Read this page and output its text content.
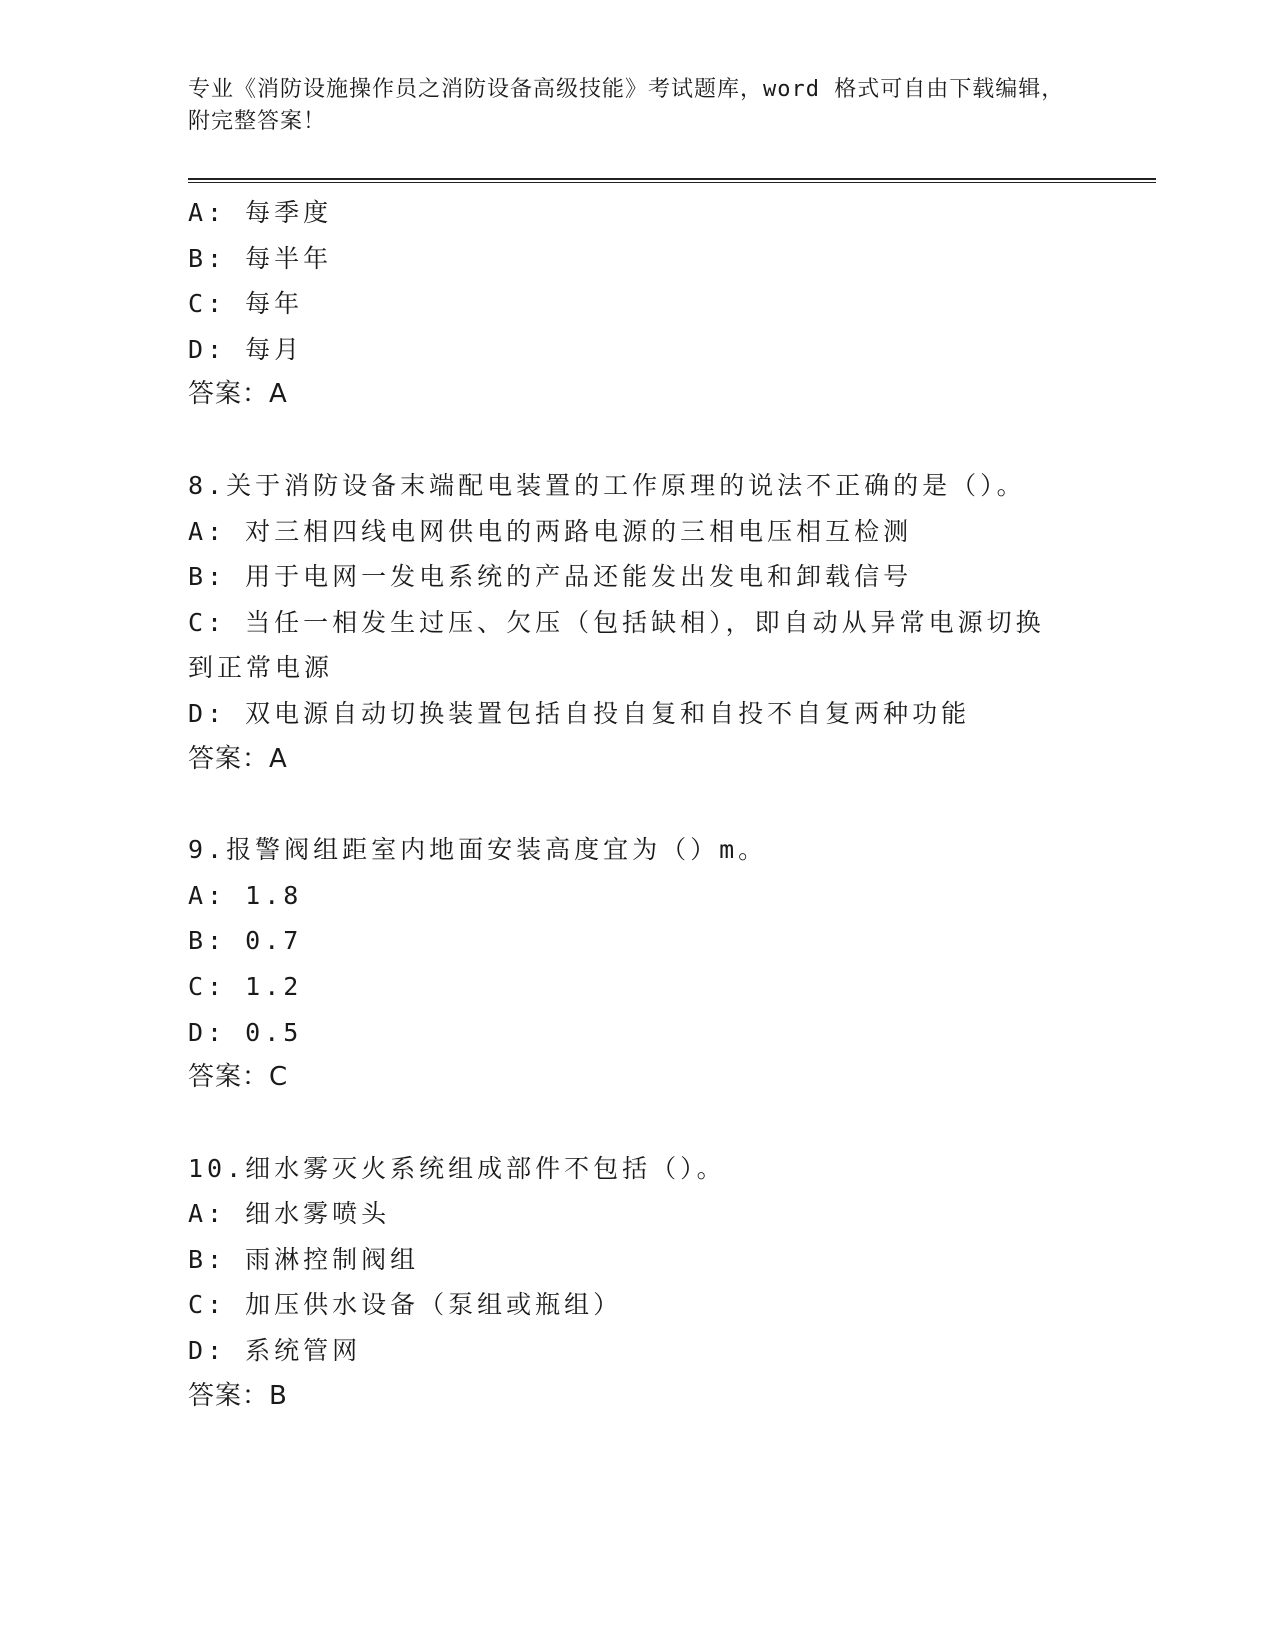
专业《消防设施操作员之消防设备高级技能》考试题库，word 格式可自由下载编辑，附完整答案！
A: 每季度
B: 每半年
C: 每年
D: 每月
答案：A
8.关于消防设备末端配电装置的工作原理的说法不正确的是（）。
A: 对三相四线电网供电的两路电源的三相电压相互检测
B: 用于电网一发电系统的产品还能发出发电和卸载信号
C: 当任一相发生过压、欠压（包括缺相），即自动从异常电源切换到正常电源
D: 双电源自动切换装置包括自投自复和自投不自复两种功能
答案：A
9.报警阀组距室内地面安装高度宜为（）m。
A: 1.8
B: 0.7
C: 1.2
D: 0.5
答案：C
10.细水雾灭火系统组成部件不包括（）。
A: 细水雾喷头
B: 雨淋控制阀组
C: 加压供水设备（泵组或瓶组）
D: 系统管网
答案：B
